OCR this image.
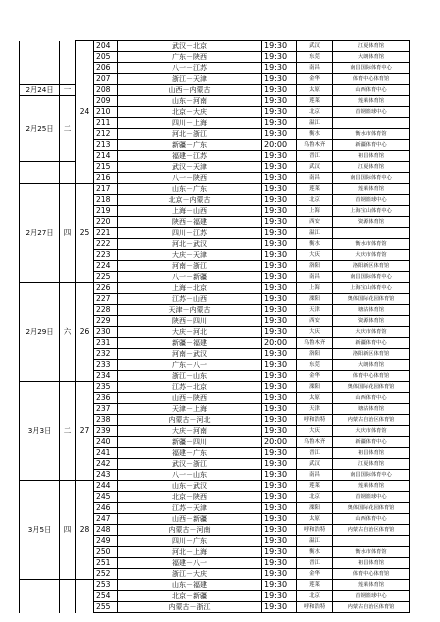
		24	204	武汉－北京	19:30	武汉	江夏体育馆
			205	广东－陕西	19:30	东莞	大朗体育馆
			206	八一－江苏	19:30	南昌	南昌国际体育中心
			207	浙江－天津	19:30	金华	体育中心体育馆
2月24日	一		208	山西－内蒙古	19:30	太原	山西体育中心
2月25日	二		209	山东－河南	19:30	莲莱	莲莱体育馆
			210	北京－大庆	19:30	北京	首钢篮球中心
			211	四川－上海	19:30	温江	
			212	河北－浙江	19:30	衡水	衡水市体育馆
			213	新疆－广东	20:00	乌鲁木齐	新疆体育中心
			214	福建－江苏	19:30	晋江	祖昌体育馆
			215	武汉－天津	19:30	武汉	江夏体育馆
			216	八一－陕西	19:30	南昌	南昌国际体育中心
2月27日	四	25	217	山东－广东	19:30	莲莱	莲莱体育馆
			218	北京－内蒙古	19:30	北京	首钢篮球中心
			219	上海－山西	19:30	上海	上海宝山体育中心
			220	陕西－福建	19:30	西安	资源体育馆
			221	四川－江苏	19:30	温江	
			222	河北－武汉	19:30	衡水	衡水市体育馆
			223	大庆－天津	19:30	大庆	大庆市体育馆
			224	河南－浙江	19:30	洛阳	洛阳新区体育馆
			225	八一－新疆	19:30	南昌	南昌国际体育中心
2月29日	六	26	226	上海－北京	19:30	上海	上海宝山体育中心
			227	江苏－山西	19:30	溧阳	奥体国际花园体育馆
			228	天津－内蒙古	19:30	天津	塘沽体育馆
			229	陕西－四川	19:30	西安	资源体育馆
			230	大庆－河北	19:30	大庆	大庆市体育馆
			231	新疆－福建	20:00	乌鲁木齐	新疆体育中心
			232	河南－武汉	19:30	洛阳	洛阳新区体育馆
			233	广东－八一	19:30	东莞	大朗体育馆
			234	浙江－山东	19:30	金华	体育中心体育馆
3月3日	二	27	235	江苏－北京	19:30	溧阳	奥体国际花园体育馆
			236	山西－陕西	19:30	太原	山西体育中心
			237	天津－上海	19:30	天津	塘沽体育馆
			238	内蒙古－河北	19:30	呼和浩特	内蒙古自治区体育馆
			239	大庆－河南	19:30	大庆	大庆市体育馆
			240	新疆－四川	20:00	乌鲁木齐	新疆体育中心
			241	福建－广东	19:30	晋江	祖昌体育馆
			242	武汉－浙江	19:30	武汉	江夏体育馆
			243	八一－山东	19:30	南昌	南昌国际体育中心
3月5日	四	28	244	山东－武汉	19:30	莲莱	莲莱体育馆
			245	北京－陕西	19:30	北京	首钢篮球中心
			246	江苏－天津	19:30	溧阳	奥体国际花园体育馆
			247	山西－新疆	19:30	太原	山西体育中心
			248	内蒙古－河南	19:30	呼和浩特	内蒙古自治区体育馆
			249	四川－广东	19:30	温江	
			250	河北－上海	19:30	衡水	衡水市体育馆
			251	福建－八一	19:30	晋江	祖昌体育馆
			252	浙江－大庆	19:30	金华	体育中心体育馆
			253	山东－福建	19:30	莲莱	莲莱体育馆
			254	北京－新疆	19:30	北京	首钢篮球中心
			255	内蒙古－浙江	19:30	呼和浩特	内蒙古自治区体育馆
